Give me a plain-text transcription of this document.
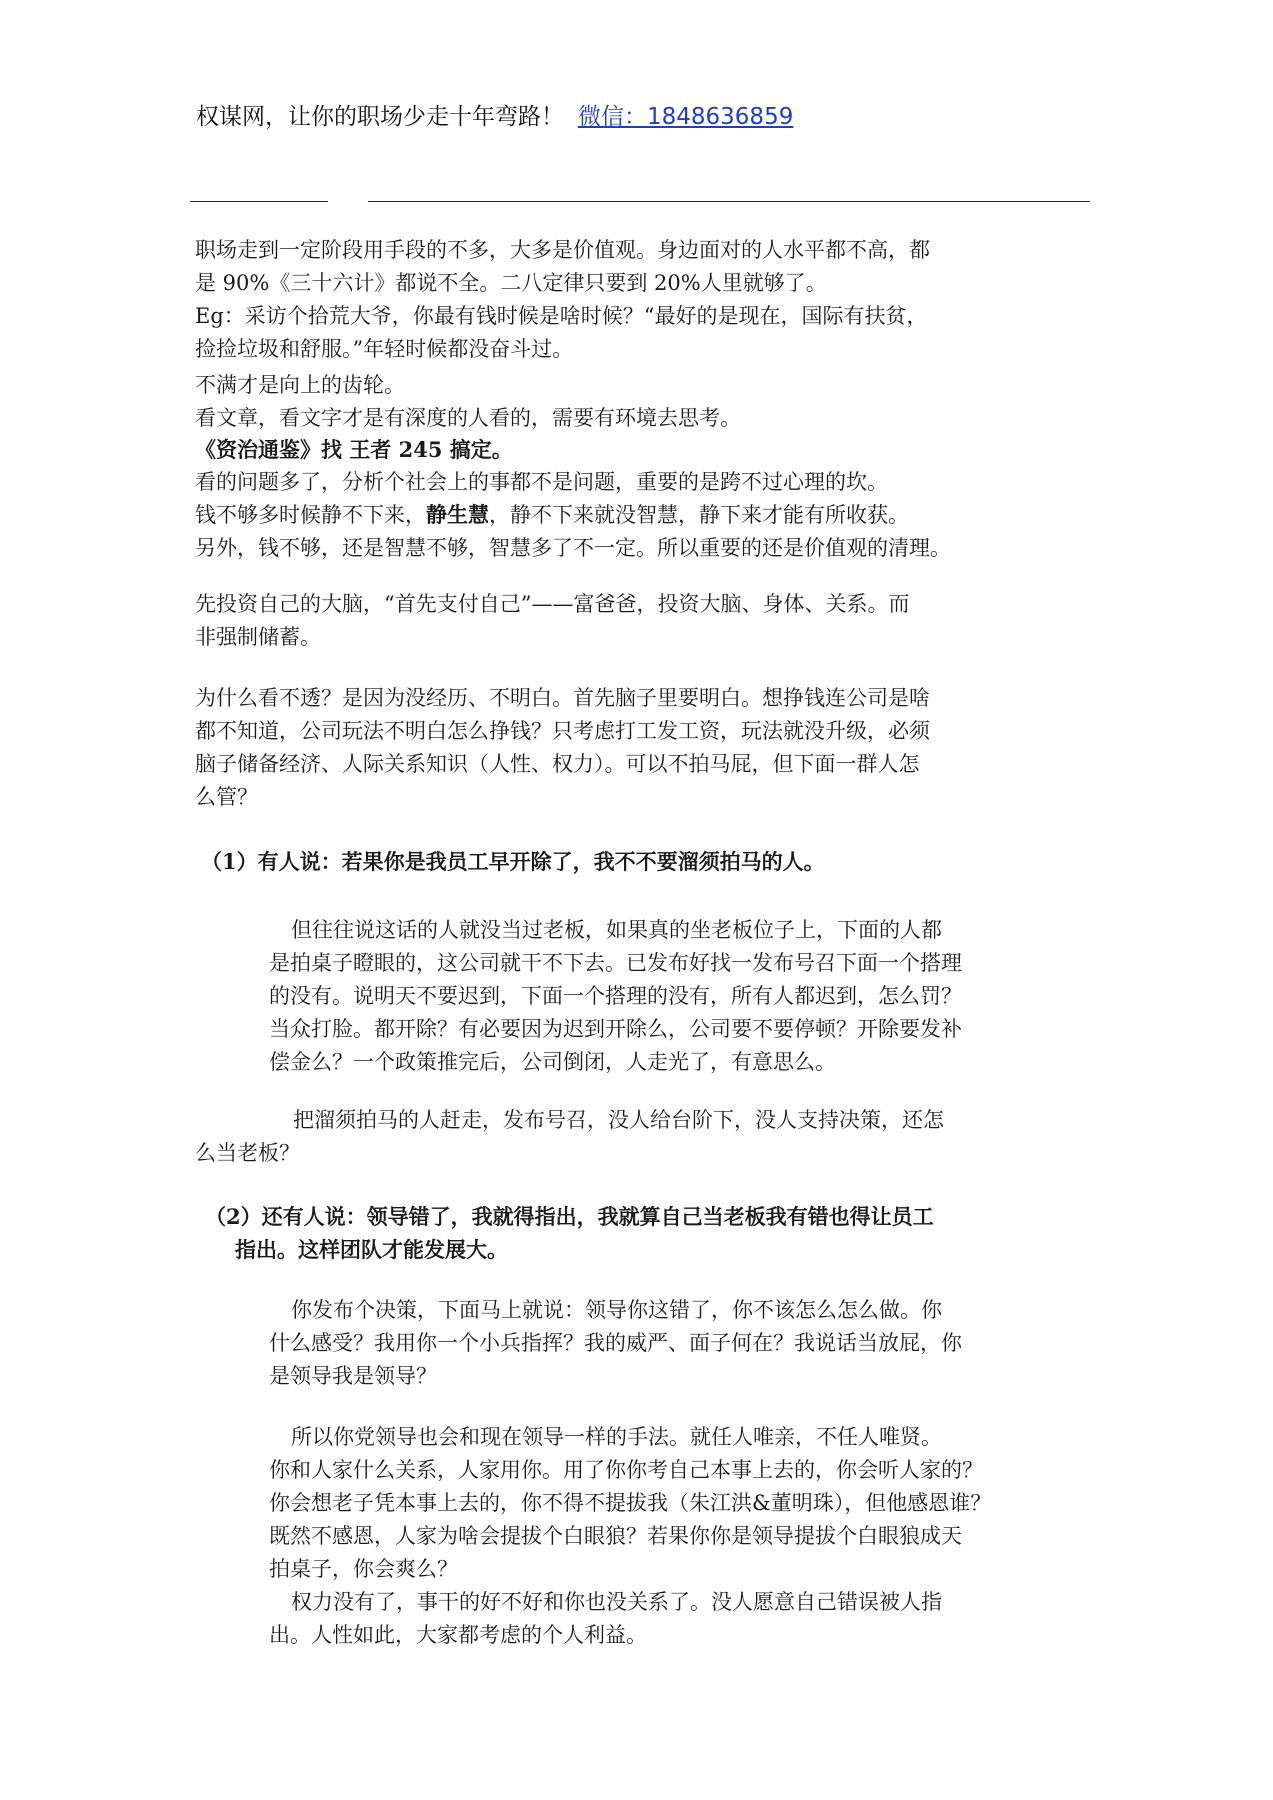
权谋网，让你的职场少走十年弯路！ 微信：1848636859
职场走到一定阶段用手段的不多，大多是价值观。身边面对的人水平都不高，都
是 90%《三十六计》都说不全。二八定律只要到 20%人里就够了。
Eg：采访个拾荒大爷，你最有钱时候是啥时候？“最好的是现在，国际有扶贫，
捡捡垃圾和舒服。”年轻时候都没奋斗过。
不满才是向上的齿轮。
看文章，看文字才是有深度的人看的，需要有环境去思考。
《资治通鉴》找 王者 245 搞定。
看的问题多了，分析个社会上的事都不是问题，重要的是跨不过心理的坎。
钱不够多时候静不下来，静生慧，静不下来就没智慧，静下来才能有所收获。
另外，钱不够，还是智慧不够，智慧多了不一定。所以重要的还是价值观的清理。
先投资自己的大脑，“首先支付自己”——富爸爸，投资大脑、身体、关系。而
非强制储蓄。
为什么看不透？是因为没经历、不明白。首先脑子里要明白。想挣钱连公司是啥
都不知道，公司玩法不明白怎么挣钱？只考虑打工发工资，玩法就没升级，必须
脑子储备经济、人际关系知识（人性、权力）。可以不拍马屁，但下面一群人怎
么管？
（1）有人说：若果你是我员工早开除了，我不不要溜须拍马的人。
但往往说这话的人就没当过老板，如果真的坐老板位子上，下面的人都
是拍桌子瞪眼的，这公司就干不下去。已发布好找一发布号召下面一个搭理
的没有。说明天不要迟到，下面一个搭理的没有，所有人都迟到，怎么罚？
当众打脸。都开除？有必要因为迟到开除么，公司要不要停顿？开除要发补
偿金么？一个政策推完后，公司倒闭，人走光了，有意思么。
把溜须拍马的人赶走，发布号召，没人给台阶下，没人支持决策，还怎
么当老板？
（2）还有人说：领导错了，我就得指出，我就算自己当老板我有错也得让员工
指出。这样团队才能发展大。
你发布个决策，下面马上就说：领导你这错了，你不该怎么怎么做。你
什么感受？我用你一个小兵指挥？我的威严、面子何在？我说话当放屁，你
是领导我是领导？
所以你党领导也会和现在领导一样的手法。就任人唯亲，不任人唯贤。
你和人家什么关系，人家用你。用了你你考自己本事上去的，你会听人家的？
你会想老子凭本事上去的，你不得不提拔我（朱江洪&董明珠），但他感恩谁？
既然不感恩，人家为啥会提拔个白眼狼？若果你你是领导提拔个白眼狼成天
拍桌子，你会爽么？
权力没有了，事干的好不好和你也没关系了。没人愿意自己错误被人指
出。人性如此，大家都考虑的个人利益。
